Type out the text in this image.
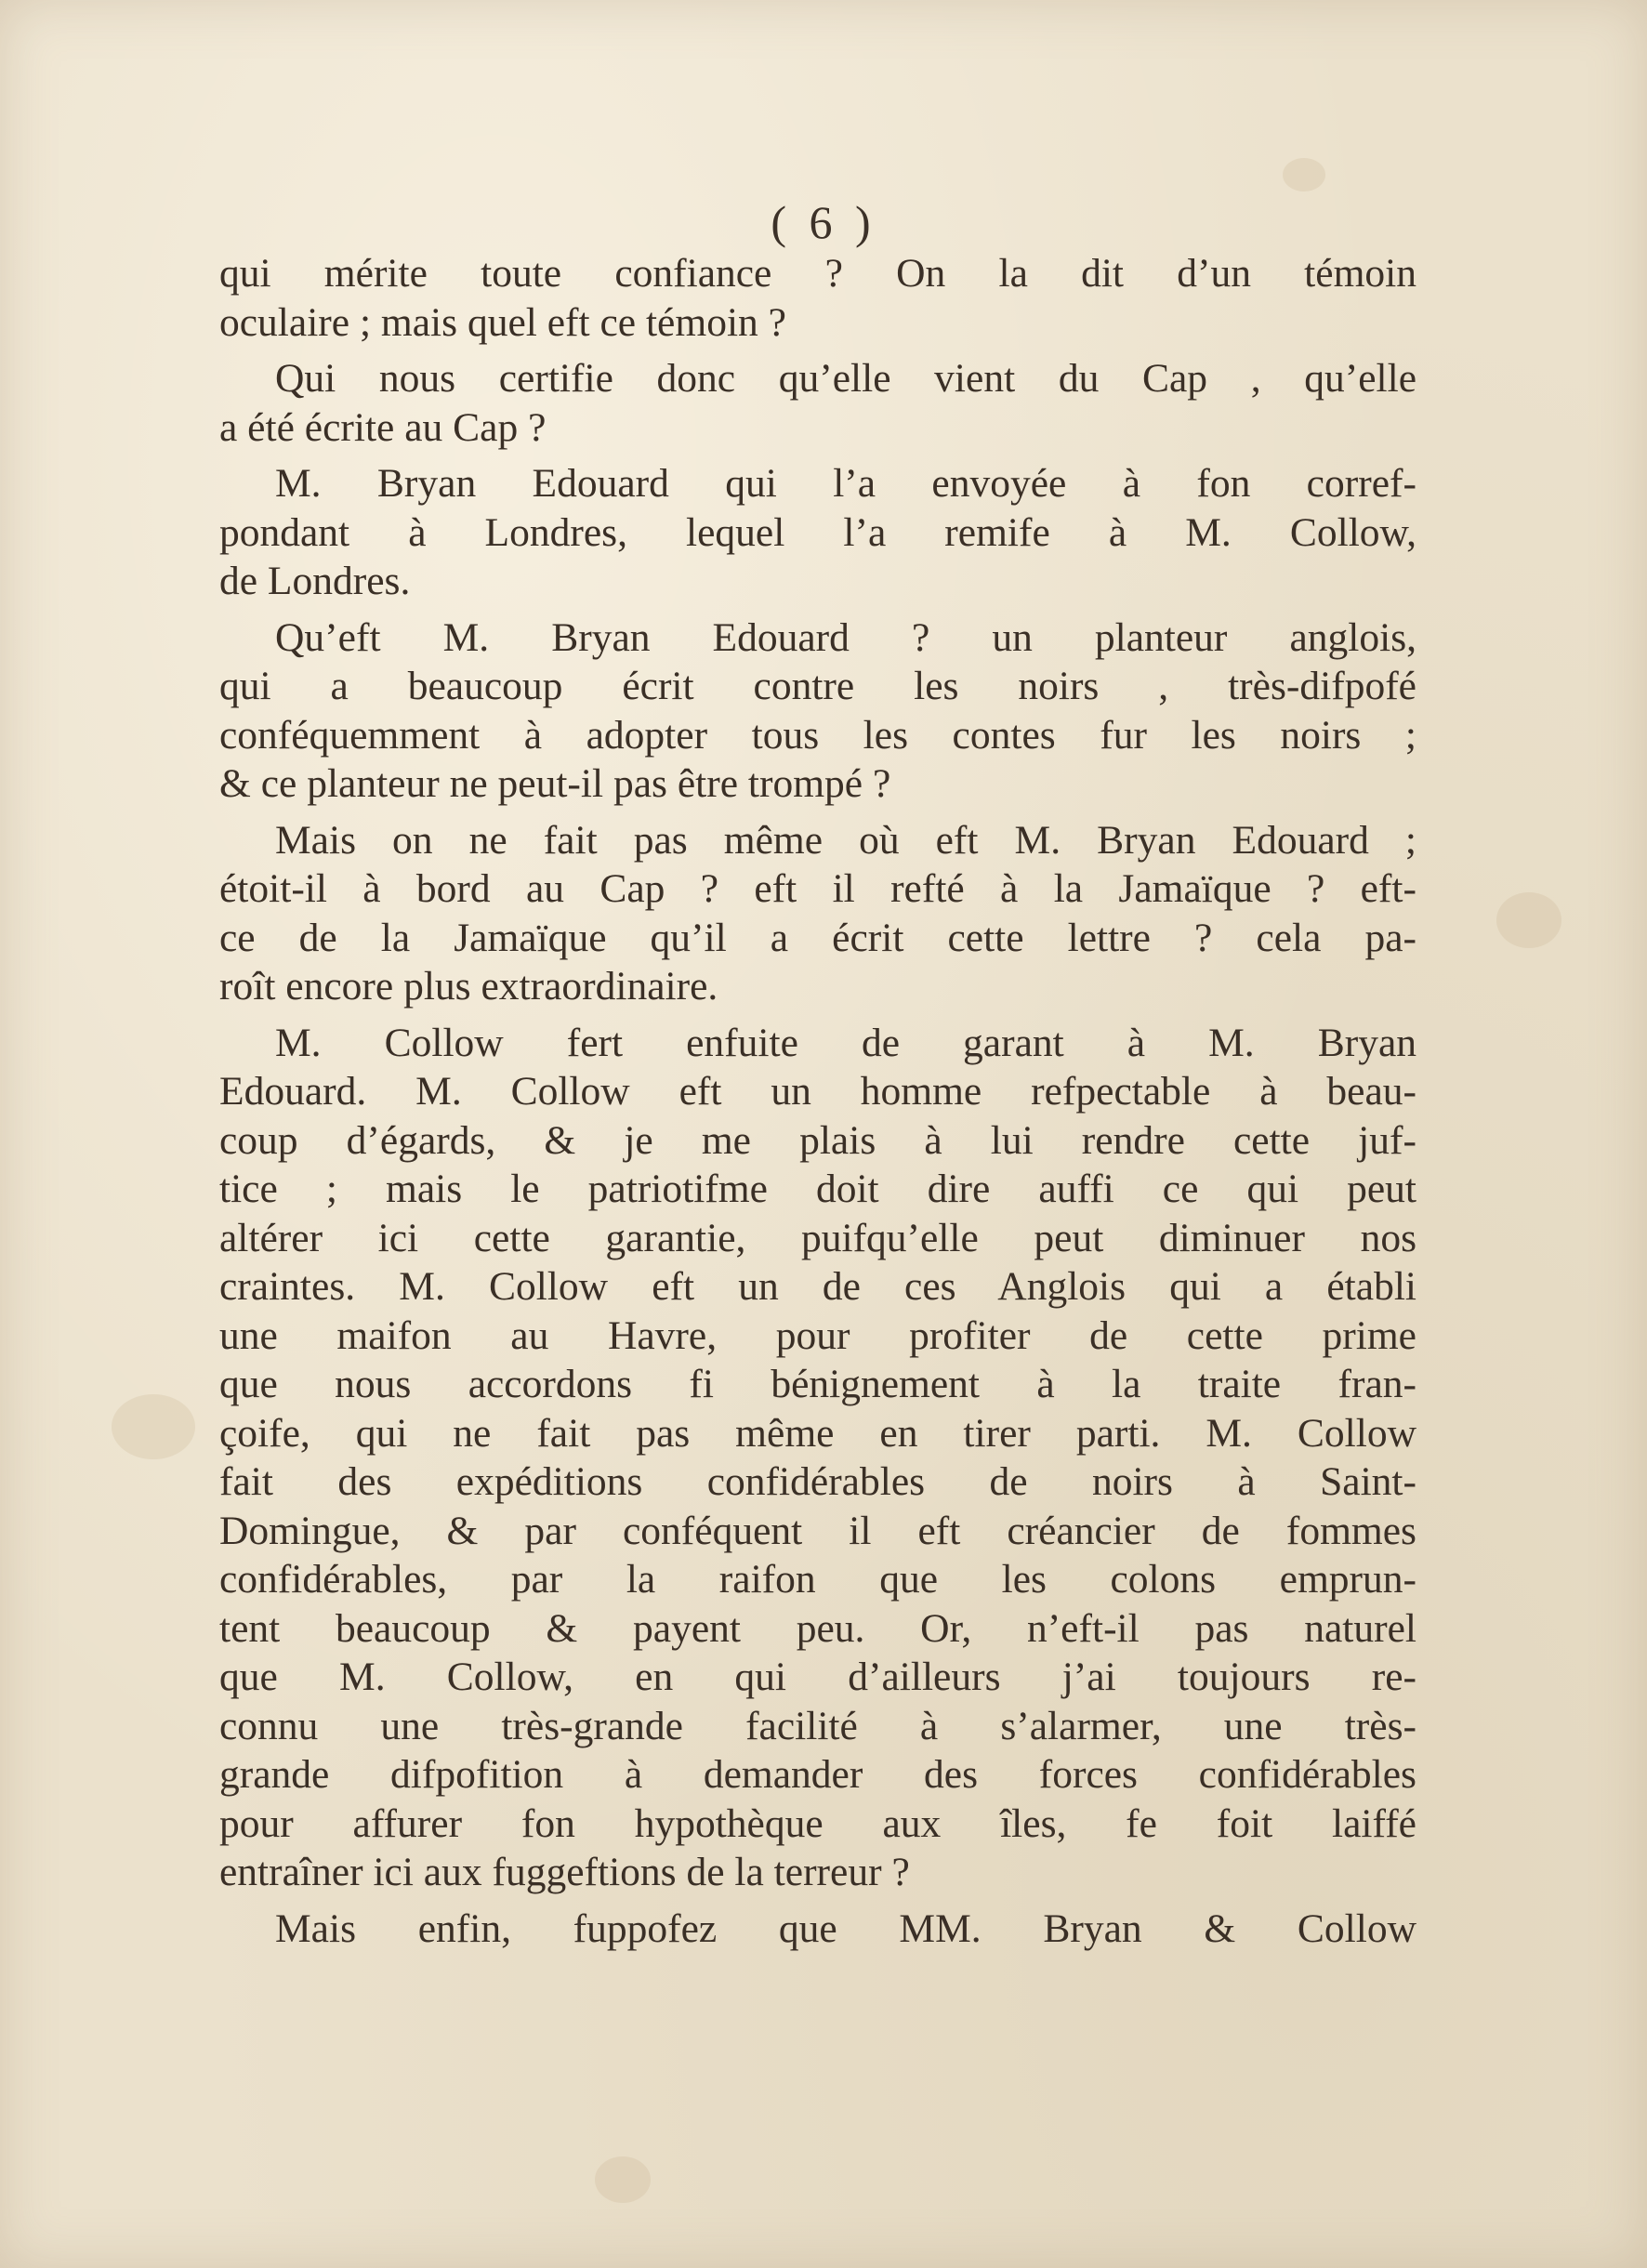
( 6 )
qui mérite toute confiance ? On la dit d’un témoin
oculaire ; mais quel eft ce témoin ?
Qui nous certifie donc qu’elle vient du Cap , qu’elle
a été écrite au Cap ?
M. Bryan Edouard qui l’a envoyée à fon corref-
pondant à Londres, lequel l’a remife à M. Collow,
de Londres.
Qu’eft M. Bryan Edouard ? un planteur anglois,
qui a beaucoup écrit contre les noirs , très-difpofé
conféquemment à adopter tous les contes fur les noirs ;
& ce planteur ne peut-il pas être trompé ?
Mais on ne fait pas même où eft M. Bryan Edouard ;
étoit-il à bord au Cap ? eft il refté à la Jamaïque ? eft-
ce de la Jamaïque qu’il a écrit cette lettre ? cela pa-
roît encore plus extraordinaire.
M. Collow fert enfuite de garant à M. Bryan
Edouard. M. Collow eft un homme refpectable à beau-
coup d’égards, & je me plais à lui rendre cette juf-
tice ; mais le patriotifme doit dire auffi ce qui peut
altérer ici cette garantie, puifqu’elle peut diminuer nos
craintes. M. Collow eft un de ces Anglois qui a établi
une maifon au Havre, pour profiter de cette prime
que nous accordons fi bénignement à la traite fran-
çoife, qui ne fait pas même en tirer parti. M. Collow
fait des expéditions confidérables de noirs à Saint-
Domingue, & par conféquent il eft créancier de fommes
confidérables, par la raifon que les colons emprun-
tent beaucoup & payent peu. Or, n’eft-il pas naturel
que M. Collow, en qui d’ailleurs j’ai toujours re-
connu une très-grande facilité à s’alarmer, une très-
grande difpofition à demander des forces confidérables
pour affurer fon hypothèque aux îles, fe foit laiffé
entraîner ici aux fuggeftions de la terreur ?
Mais enfin, fuppofez que MM. Bryan & Collow
